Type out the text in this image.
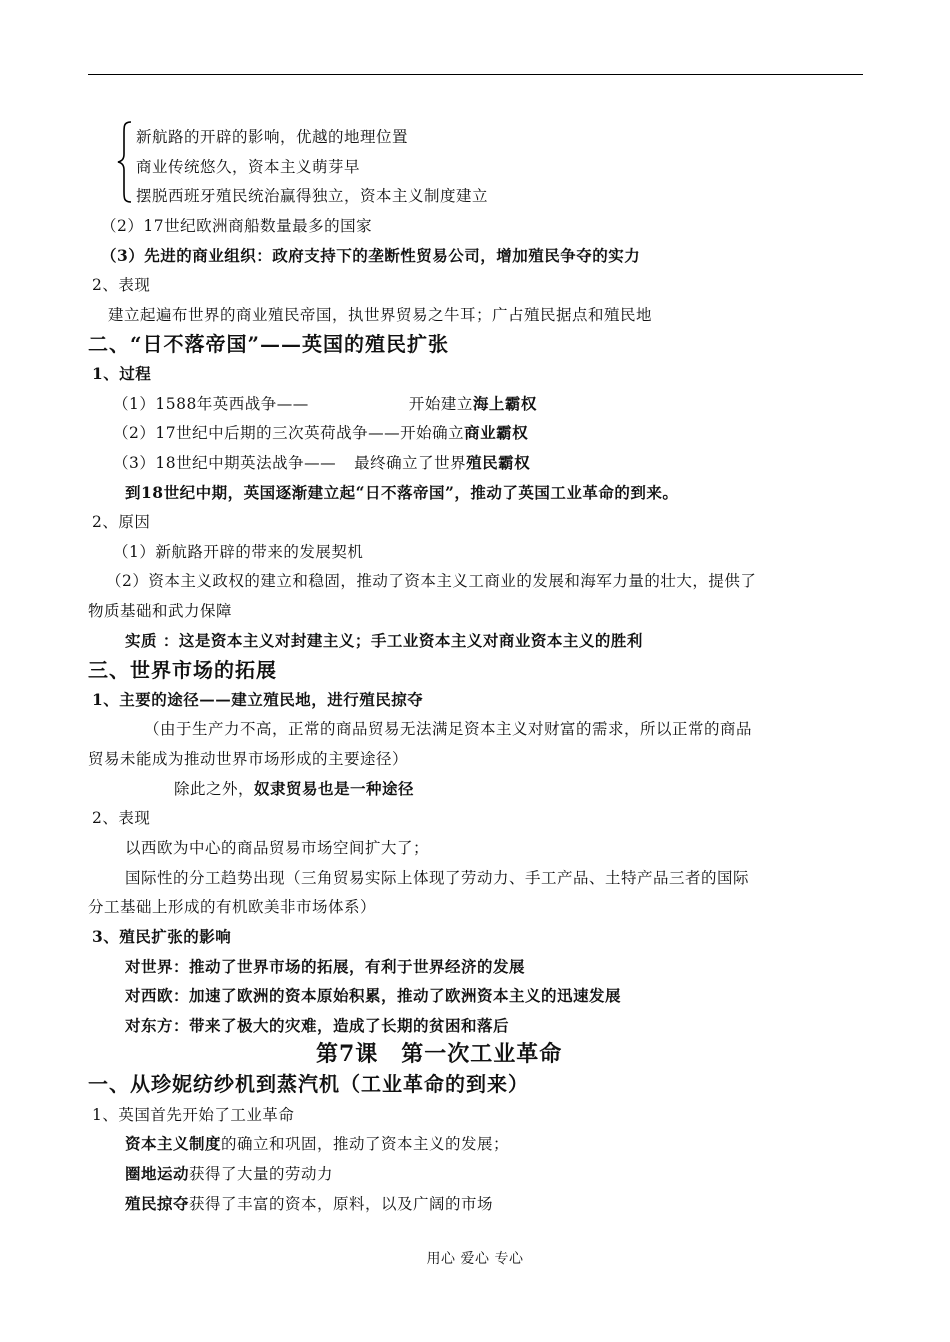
新航路的开辟的影响，优越的地理位置
商业传统悠久，资本主义萌芽早
摆脱西班牙殖民统治赢得独立，资本主义制度建立
（2）17世纪欧洲商船数量最多的国家
（3）先进的商业组织：政府支持下的垄断性贸易公司，增加殖民争夺的实力
2、表现
建立起遍布世界的商业殖民帝国，执世界贸易之牛耳；广占殖民据点和殖民地
二、“日不落帝国”——英国的殖民扩张
1、过程
（1）1588年英西战争——	开始建立海上霸权
（2）17世纪中后期的三次英荷战争——开始确立商业霸权
（3）18世纪中期英法战争—— 最终确立了世界殖民霸权
到18世纪中期，英国逐渐建立起“日不落帝国”，推动了英国工业革命的到来。
2、原因
（1）新航路开辟的带来的发展契机
（2）资本主义政权的建立和稳固，推动了资本主义工商业的发展和海军力量的壮大，提供了
物质基础和武力保障
实质 ：这是资本主义对封建主义；手工业资本主义对商业资本主义的胜利
三、世界市场的拓展
1、主要的途径——建立殖民地，进行殖民掠夺
（由于生产力不高，正常的商品贸易无法满足资本主义对财富的需求，所以正常的商品
贸易未能成为推动世界市场形成的主要途径）
除此之外，奴隶贸易也是一种途径
2、表现
以西欧为中心的商品贸易市场空间扩大了；
国际性的分工趋势出现（三角贸易实际上体现了劳动力、手工产品、土特产品三者的国际
分工基础上形成的有机欧美非市场体系）
3、殖民扩张的影响
对世界：推动了世界市场的拓展，有利于世界经济的发展
对西欧：加速了欧洲的资本原始积累，推动了欧洲资本主义的迅速发展
对东方：带来了极大的灾难，造成了长期的贫困和落后
第7课　第一次工业革命
一、从珍妮纺纱机到蒸汽机（工业革命的到来）
1、英国首先开始了工业革命
资本主义制度的确立和巩固，推动了资本主义的发展；
圈地运动获得了大量的劳动力
殖民掠夺获得了丰富的资本，原料，以及广阔的市场
用心 爱心 专心
